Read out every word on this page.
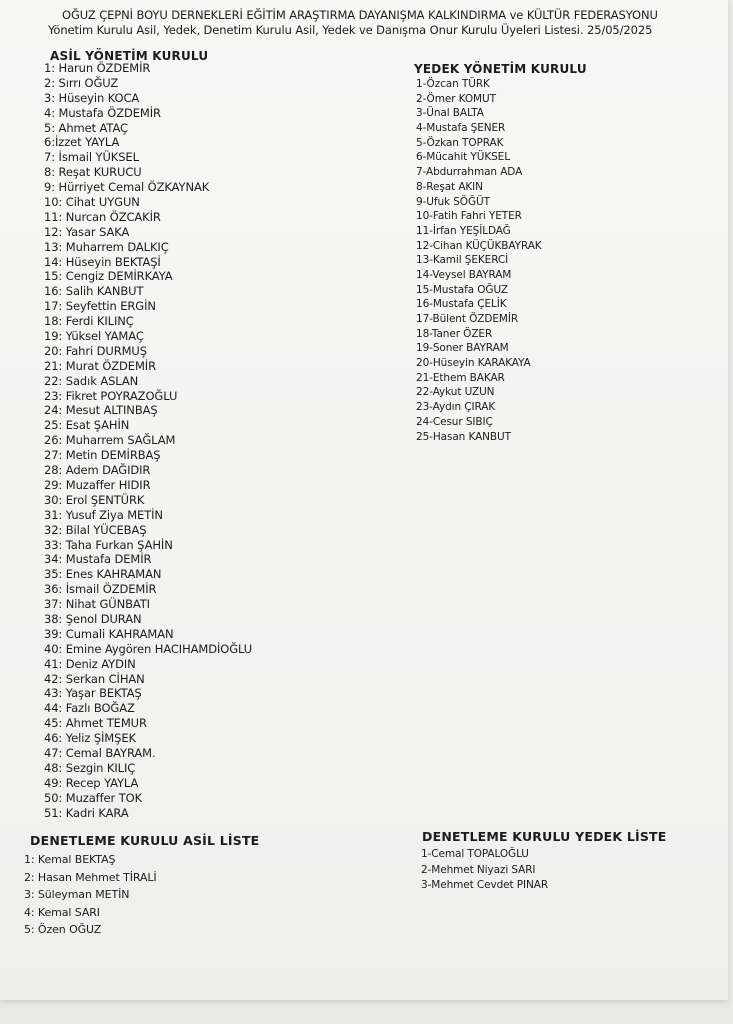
OĞUZ ÇEPNİ BOYU DERNEKLERİ EĞİTİM ARAŞTIRMA DAYANIŞMA KALKINDIRMA ve KÜLTÜR FEDERASYONU
Yönetim Kurulu Asil, Yedek, Denetim Kurulu Asil, Yedek ve Danışma Onur Kurulu Üyeleri Listesi. 25/05/2025
ASİL YÖNETİM KURULU
1: Harun ÖZDEMİR
2: Sırrı OĞUZ
3: Hüseyin KOCA
4: Mustafa ÖZDEMİR
5: Ahmet ATAÇ
6:İzzet YAYLA
7: İsmail YÜKSEL
8: Reşat KURUCU
9: Hürriyet Cemal ÖZKAYNAK
10: Cihat UYGUN
11: Nurcan ÖZCAKİR
12: Yasar SAKA
13: Muharrem DALKIÇ
14: Hüseyin BEKTAŞİ
15: Cengiz DEMİRKAYA
16: Salih KANBUT
17: Seyfettin ERGİN
18: Ferdi KILINÇ
19: Yüksel YAMAÇ
20: Fahri DURMUŞ
21: Murat ÖZDEMİR
22: Sadık ASLAN
23: Fikret POYRAZOĞLU
24: Mesut ALTINBAŞ
25: Esat ŞAHİN
26: Muharrem SAĞLAM
27: Metin DEMİRBAŞ
28: Adem DAĞIDIR
29: Muzaffer HIDIR
30: Erol ŞENTÜRK
31: Yusuf Ziya METİN
32: Bilal YÜCEBAŞ
33: Taha Furkan ŞAHİN
34: Mustafa DEMİR
35: Enes KAHRAMAN
36: İsmail ÖZDEMİR
37: Nihat GÜNBATI
38: Şenol DURAN
39: Cumali KAHRAMAN
40: Emine Aygören HACIHAMDİOĞLU
41: Deniz AYDIN
42: Serkan CİHAN
43: Yaşar BEKTAŞ
44: Fazlı BOĞAZ
45: Ahmet TEMUR
46: Yeliz ŞİMŞEK
47: Cemal BAYRAM.
48: Sezgin KILIÇ
49: Recep YAYLA
50: Muzaffer TOK
51: Kadri KARA
YEDEK YÖNETİM KURULU
1-Özcan TÜRK
2-Ömer KOMUT
3-Ünal BALTA
4-Mustafa ŞENER
5-Özkan TOPRAK
6-Mücahit YÜKSEL
7-Abdurrahman ADA
8-Reşat AKIN
9-Ufuk SÖĞÜT
10-Fatih Fahri YETER
11-İrfan YEŞİLDAĞ
12-Cihan KÜÇÜKBAYRAK
13-Kamil ŞEKERCİ
14-Veysel BAYRAM
15-Mustafa OĞUZ
16-Mustafa ÇELİK
17-Bülent ÖZDEMİR
18-Taner ÖZER
19-Soner BAYRAM
20-Hüseyin KARAKAYA
21-Ethem BAKAR
22-Aykut UZUN
23-Aydın ÇIRAK
24-Cesur SIBIÇ
25-Hasan KANBUT
DENETLEME KURULU ASİL LİSTE
1: Kemal BEKTAŞ
2: Hasan Mehmet TİRALİ
3: Süleyman METİN
4: Kemal SARI
5: Özen OĞUZ
DENETLEME KURULU YEDEK LİSTE
1-Cemal TOPALOĞLU
2-Mehmet Niyazi SARI
3-Mehmet Cevdet PINAR
